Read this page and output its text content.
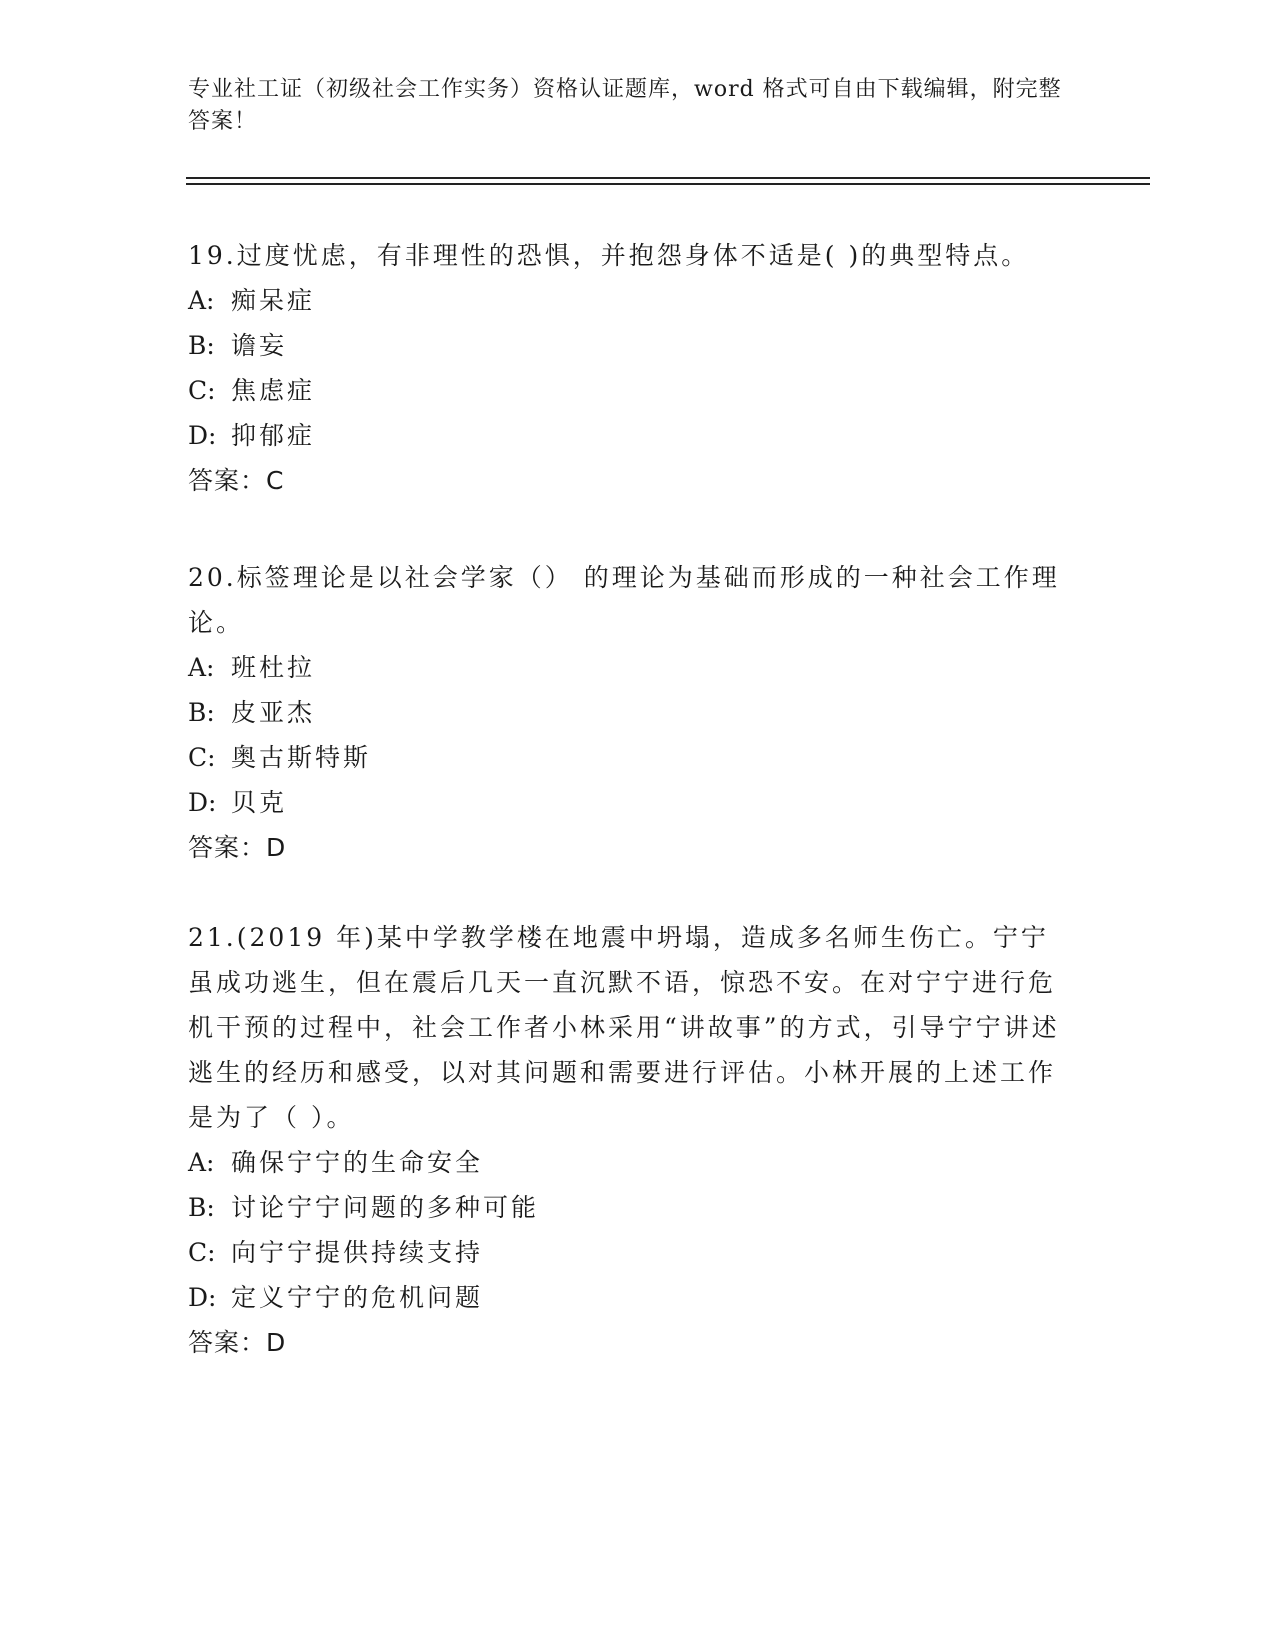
专业社工证（初级社会工作实务）资格认证题库，word 格式可自由下载编辑，附完整答案！

19.过度忧虑，有非理性的恐惧，并抱怨身体不适是( )的典型特点。

A: 痴呆症
B: 谵妄
C: 焦虑症
D: 抑郁症

答案：C

20.标签理论是以社会学家（） 的理论为基础而形成的一种社会工作理论。

A: 班杜拉
B: 皮亚杰
C: 奥古斯特斯
D: 贝克

答案：D

21.(2019 年)某中学教学楼在地震中坍塌，造成多名师生伤亡。宁宁虽成功逃生，但在震后几天一直沉默不语，惊恐不安。在对宁宁进行危机干预的过程中，社会工作者小林采用“讲故事”的方式，引导宁宁讲述逃生的经历和感受，以对其问题和需要进行评估。小林开展的上述工作是为了（ ）。

A: 确保宁宁的生命安全
B: 讨论宁宁问题的多种可能
C: 向宁宁提供持续支持
D: 定义宁宁的危机问题

答案：D
